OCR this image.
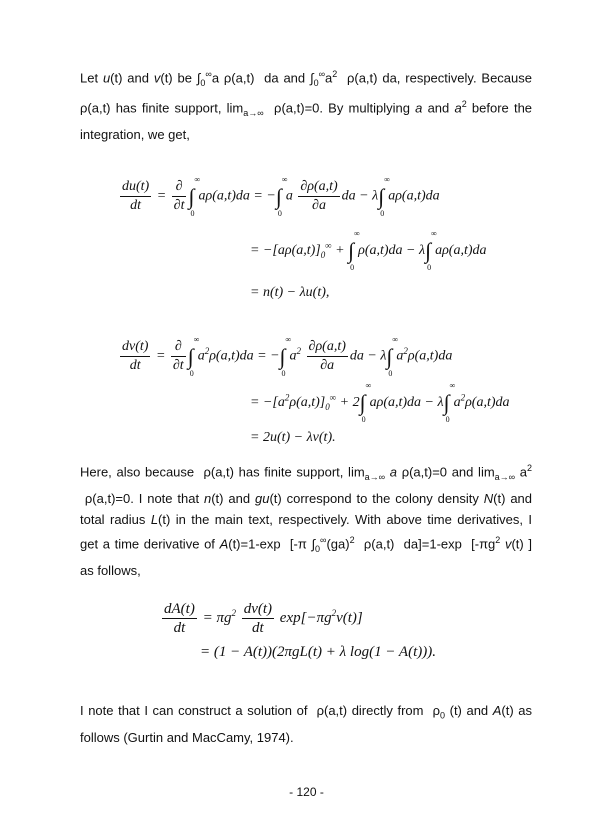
Let u(t) and v(t) be $\int_0^\infty a$ ρ(a,t)  da and $\int_0^\infty a^2$  ρ(a,t) da, respectively. Because ρ(a,t) has finite support, $\lim_{a\to\infty} \rho(a,t)=0$. By multiplying a and $a^2$ before the integration, we get,

$\frac{du(t)}{dt} = \frac{\partial}{\partial t}$ ∫
∞
0
aρ(a,t)da = −∫
∞
0
a $\frac{\partial\rho(a,t)}{\partial a}$ da − λ∫
∞
0
aρ(a,t)da
= $-[a\rho(a,t)]_0^\infty$ + ∫
∞
0
ρ(a,t)da − λ∫
∞
0
aρ(a,t)da
= n(t) − λu(t),
$\frac{dv(t)}{dt} = \frac{\partial}{\partial t}$ ∫
∞
0
$a^2\rho(a,t)da$ = −∫
∞
0
$a^2 \frac{\partial\rho(a,t)}{\partial a}$ da − λ∫
∞
0
$a^2\rho(a,t)da$
= $-[a^2\rho(a,t)]_0^\infty + 2\int$
∞
0
aρ(a,t)da − λ∫
∞
0
$a^2\rho(a,t)da$
= 2u(t) − λv(t).

Here, also because  ρ(a,t) has finite support, $\lim_{a\to\infty} a$ ρ(a,t)=0 and $\lim_{a\to\infty} a^2$  ρ(a,t)=0. I note that n(t) and gu(t) correspond to the colony density N(t) and total radius L(t) in the main text, respectively. With above time derivatives, I get a time derivative of A(t)=1-exp  [-π $\int_0^\infty(ga)^2$  ρ(a,t)  da]=1-exp  [$-\pi g^2$ v(t) ] as follows,

$\frac{dA(t)}{dt} = \pi g^2 \frac{dv(t)}{dt} \exp[-\pi g^2v(t)]$
= (1 − A(t))(2πgL(t) + λ log(1 − A(t))).

I note that I can construct a solution of  ρ(a,t) directly from  $\rho_0$ (t) and A(t) as follows (Gurtin and MacCamy, 1974).

- 120 -
